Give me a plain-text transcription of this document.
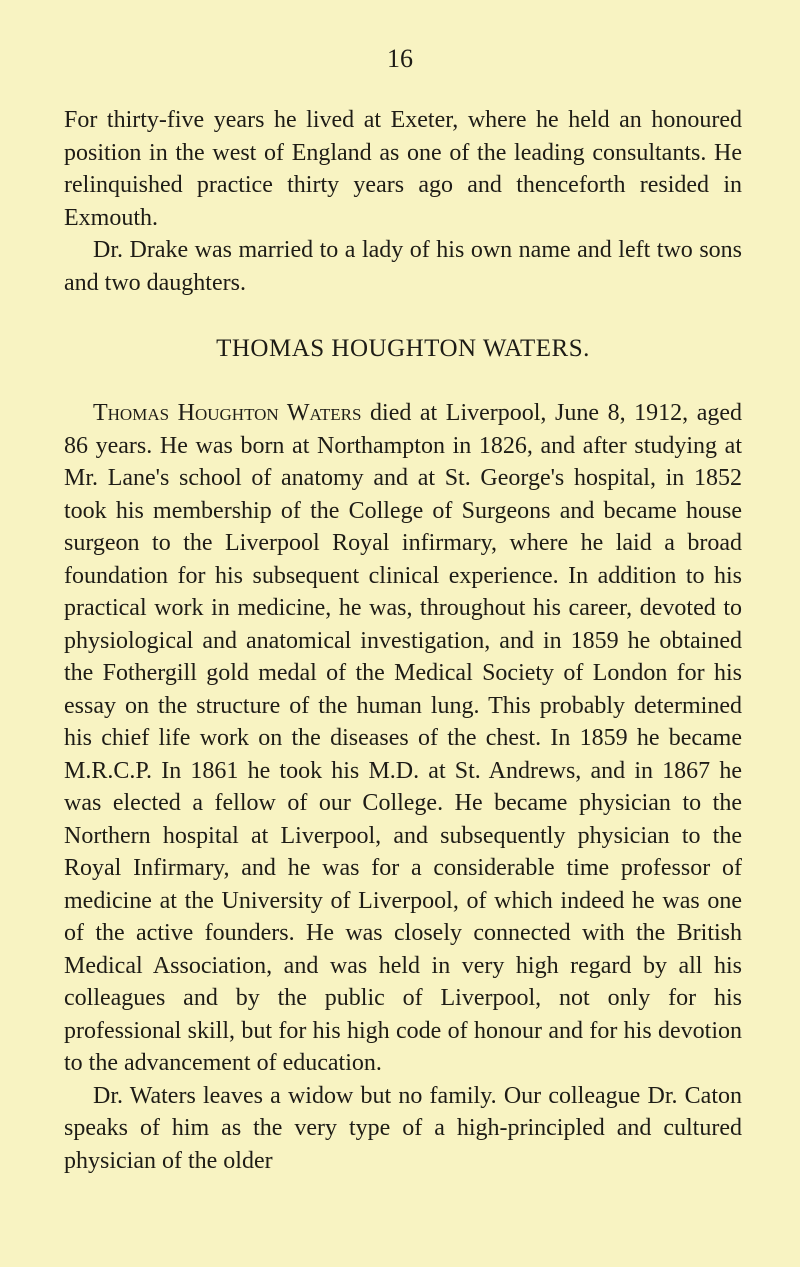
16

For thirty-five years he lived at Exeter, where he held an honoured position in the west of England as one of the leading consultants. He relinquished practice thirty years ago and thenceforth resided in Exmouth.

Dr. Drake was married to a lady of his own name and left two sons and two daughters.

THOMAS HOUGHTON WATERS.

Thomas Houghton Waters died at Liverpool, June 8, 1912, aged 86 years. He was born at Northampton in 1826, and after studying at Mr. Lane's school of anatomy and at St. George's hospital, in 1852 took his membership of the College of Surgeons and became house surgeon to the Liverpool Royal infirmary, where he laid a broad foundation for his subsequent clinical experience. In addition to his practical work in medicine, he was, throughout his career, devoted to physiological and anatomical investigation, and in 1859 he obtained the Fothergill gold medal of the Medical Society of London for his essay on the structure of the human lung. This probably determined his chief life work on the diseases of the chest. In 1859 he became M.R.C.P. In 1861 he took his M.D. at St. Andrews, and in 1867 he was elected a fellow of our College. He became physician to the Northern hospital at Liverpool, and subsequently physician to the Royal Infirmary, and he was for a considerable time professor of medicine at the University of Liverpool, of which indeed he was one of the active founders. He was closely connected with the British Medical Association, and was held in very high regard by all his colleagues and by the public of Liverpool, not only for his professional skill, but for his high code of honour and for his devotion to the advancement of education.

Dr. Waters leaves a widow but no family. Our colleague Dr. Caton speaks of him as the very type of a high-principled and cultured physician of the older
